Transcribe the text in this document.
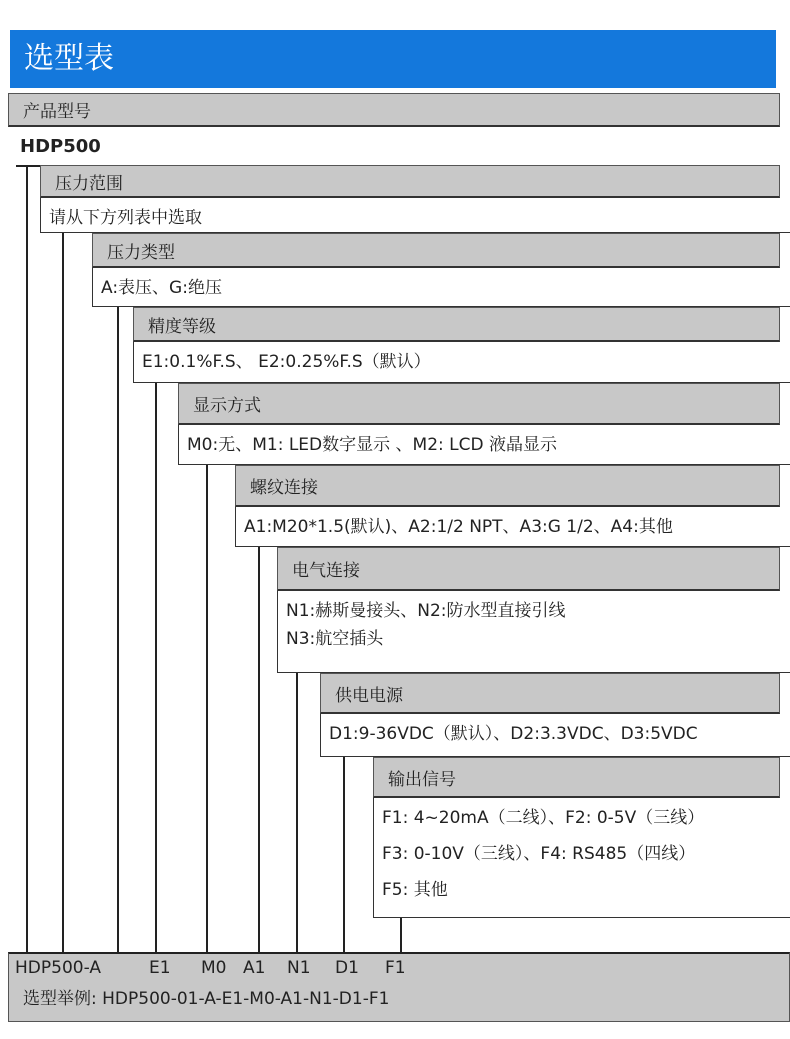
选型表
产品型号
HDP500
压力范围
请从下方列表中选取
压力类型
A:表压、G:绝压
精度等级
E1:0.1%F.S、 E2:0.25%F.S（默认）
显示方式
M0:无、M1: LED数字显示 、M2: LCD 液晶显示
螺纹连接
A1:M20*1.5(默认)、A2:1/2 NPT、A3:G 1/2、A4:其他
电气连接
N1:赫斯曼接头、N2:防水型直接引线
N3:航空插头
供电电源
D1:9-36VDC（默认）、D2:3.3VDC、D3:5VDC
输出信号
F1: 4~20mA（二线）、F2: 0-5V（三线）
F3: 0-10V（三线）、F4: RS485（四线）
F5: 其他
HDP500-A	E1 M0 A1 N1 D1 F1
选型举例: HDP500-01-A-E1-M0-A1-N1-D1-F1
